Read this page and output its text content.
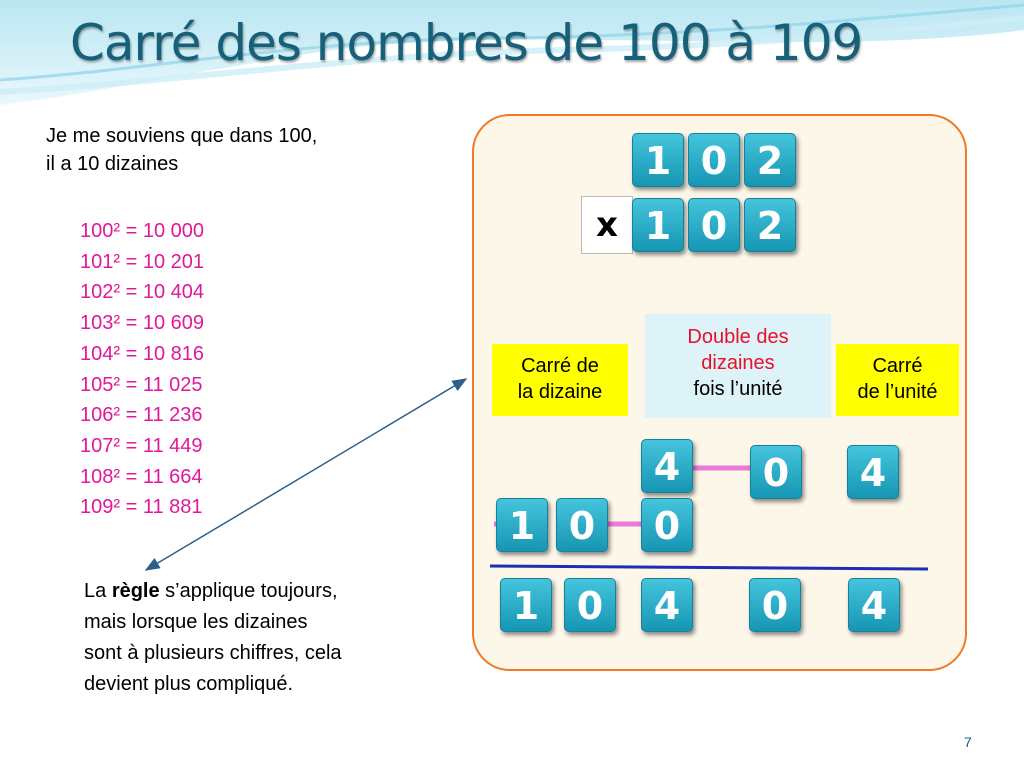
Carré des nombres de 100 à 109
Je me souviens que dans 100,
il a 10 dizaines
100² = 10 000
101² = 10 201
102² = 10 404
103² = 10 609
104² = 10 816
105² = 11 025
106² = 11 236
107² = 11 449
108² = 11 664
109² = 11 881
La règle s’applique toujours,
mais lorsque les dizaines
sont à plusieurs chiffres, cela
devient plus compliqué.
1 0 2
x 1 0 2
Carré de
la dizaine
Double des
dizaines
fois l’unité
Carré
de l’unité
4	0	4
1 0	0
1 0	4	0	4
7
